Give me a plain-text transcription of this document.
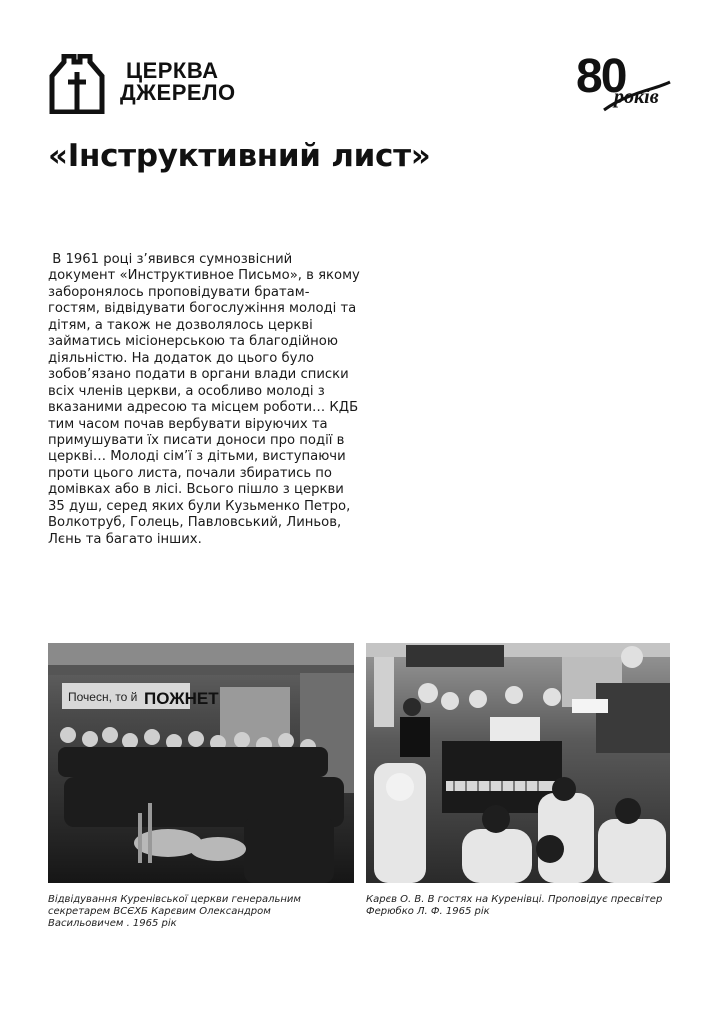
ЦЕРКВА
ДЖЕРЕЛО	80
років
«Інструктивний лист»

В 1961 році з’явився сумнозвісний документ «Инструктивное Письмо», в якому заборонялось проповідувати братам-гостям, відвідувати богослужіння молоді та дітям, а також не дозволялось церкві займатись місіонерською та благодійною діяльністю. На додаток до цього було зобов’язано подати в органи влади списки всіх членів церкви, а особливо молоді з вказаними адресою та місцем роботи… КДБ тим часом почав вербувати віруючих та примушувати їх писати доноси про події в церкві… Молоді сім’ї з дітьми, виступаючи проти цього листа, почали збиратись по домівках або в лісі. Всього пішло з церкви 35 душ, серед яких були Кузьменко Петро, Волкотруб, Голець, Павловський, Линьов, Лєнь та багато інших.

Почесн, то й ПОЖНЕТ

Відвідування Куренівської церкви генеральним секретарем ВСЄХБ Карєвим Олександром Васильовичем . 1965 рік

Карєв О. В. В гостях на Куренівці. Проповідує пресвітер Ферюбко Л. Ф. 1965 рік
